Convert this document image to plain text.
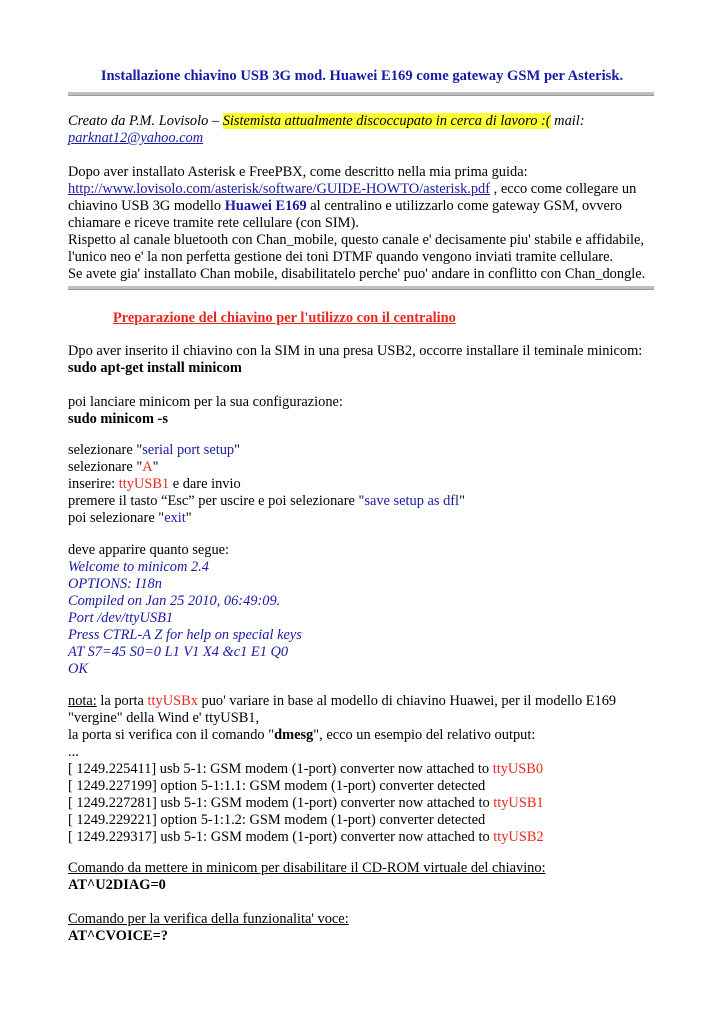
Installazione chiavino USB 3G mod. Huawei E169 come gateway GSM per Asterisk.
Creato da P.M. Lovisolo – Sistemista attualmente discoccupato in cerca di lavoro :( mail:
parknat12@yahoo.com
Dopo aver installato Asterisk e FreePBX, come descritto nella mia prima guida:
http://www.lovisolo.com/asterisk/software/GUIDE-HOWTO/asterisk.pdf , ecco come collegare un
chiavino USB 3G modello Huawei E169 al centralino e utilizzarlo come gateway GSM, ovvero
chiamare e riceve tramite rete cellulare (con SIM).
Rispetto al canale bluetooth con Chan_mobile, questo canale e' decisamente piu' stabile e affidabile,
l'unico neo e' la non perfetta gestione dei toni DTMF quando vengono inviati tramite cellulare.
Se avete gia' installato Chan mobile, disabilitatelo perche' puo' andare in conflitto con Chan_dongle.
Preparazione del chiavino per l'utilizzo con il centralino
Dpo aver inserito il chiavino con la SIM in una presa USB2, occorre installare il teminale minicom:
sudo apt-get install minicom
poi lanciare minicom per la sua configurazione:
sudo minicom -s
selezionare "serial port setup"
selezionare "A"
inserire: ttyUSB1 e dare invio
premere il tasto “Esc” per uscire e poi selezionare "save setup as dfl"
poi selezionare "exit"
deve apparire quanto segue:
Welcome to minicom 2.4
OPTIONS: I18n
Compiled on Jan 25 2010, 06:49:09.
Port /dev/ttyUSB1
Press CTRL-A Z for help on special keys
AT S7=45 S0=0 L1 V1 X4 &c1 E1 Q0
OK
nota: la porta ttyUSBx puo' variare in base al modello di chiavino Huawei, per il modello E169
"vergine" della Wind e' ttyUSB1,
la porta si verifica con il comando "dmesg", ecco un esempio del relativo output:
...
[ 1249.225411] usb 5-1: GSM modem (1-port) converter now attached to ttyUSB0
[ 1249.227199] option 5-1:1.1: GSM modem (1-port) converter detected
[ 1249.227281] usb 5-1: GSM modem (1-port) converter now attached to ttyUSB1
[ 1249.229221] option 5-1:1.2: GSM modem (1-port) converter detected
[ 1249.229317] usb 5-1: GSM modem (1-port) converter now attached to ttyUSB2
Comando da mettere in minicom per disabilitare il CD-ROM virtuale del chiavino:
AT^U2DIAG=0
Comando per la verifica della funzionalita' voce:
AT^CVOICE=?
